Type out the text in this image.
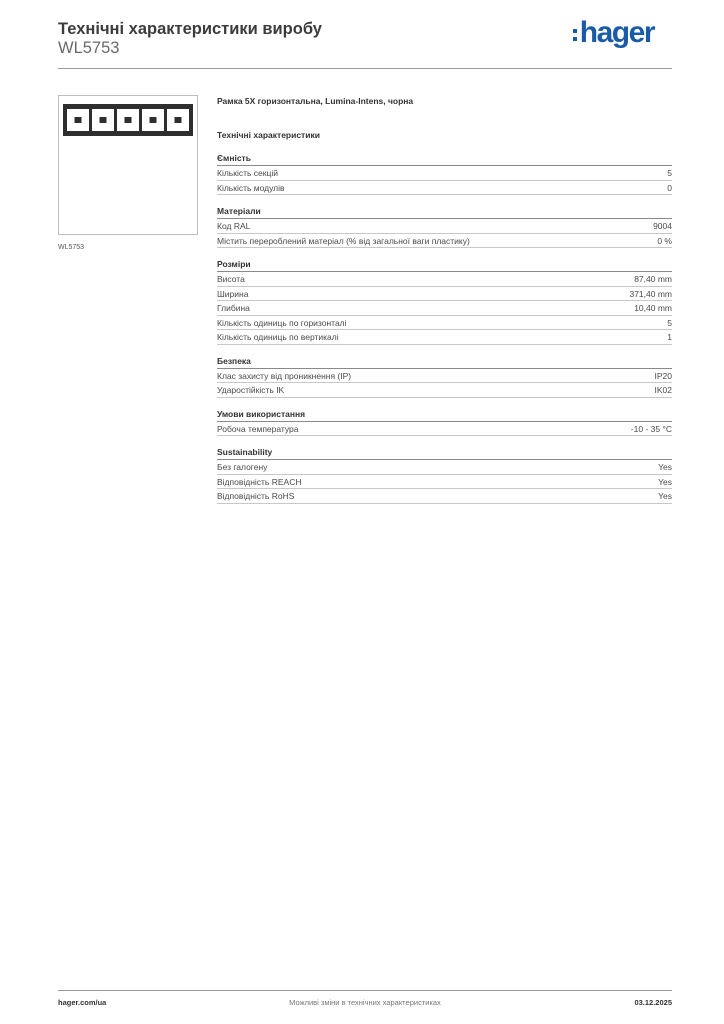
Технічні характеристики виробу
WL5753	hager
WL5753
Рамка 5X горизонтальна, Lumina-Intens, чорна
Технічні характеристики
Ємність
Кількість секцій	5
Кількість модулів	0
Матеріали
Код RAL	9004
Містить перероблений матеріал (% від загальної ваги пластику)	0 %
Розміри
Висота	87,40 mm
Ширина	371,40 mm
Глибина	10,40 mm
Кількість одиниць по горизонталі	5
Кількість одиниць по вертикалі	1
Безпека
Клас захисту від проникнення (IP)	IP20
Ударостійкість IK	IK02
Умови використання
Робоча температура	-10 - 35 °C
Sustainability
Без галогену	Yes
Відповідність REACH	Yes
Відповідність RoHS	Yes
hager.com/ua	Можливі зміни в технічних характеристиках	03.12.2025
